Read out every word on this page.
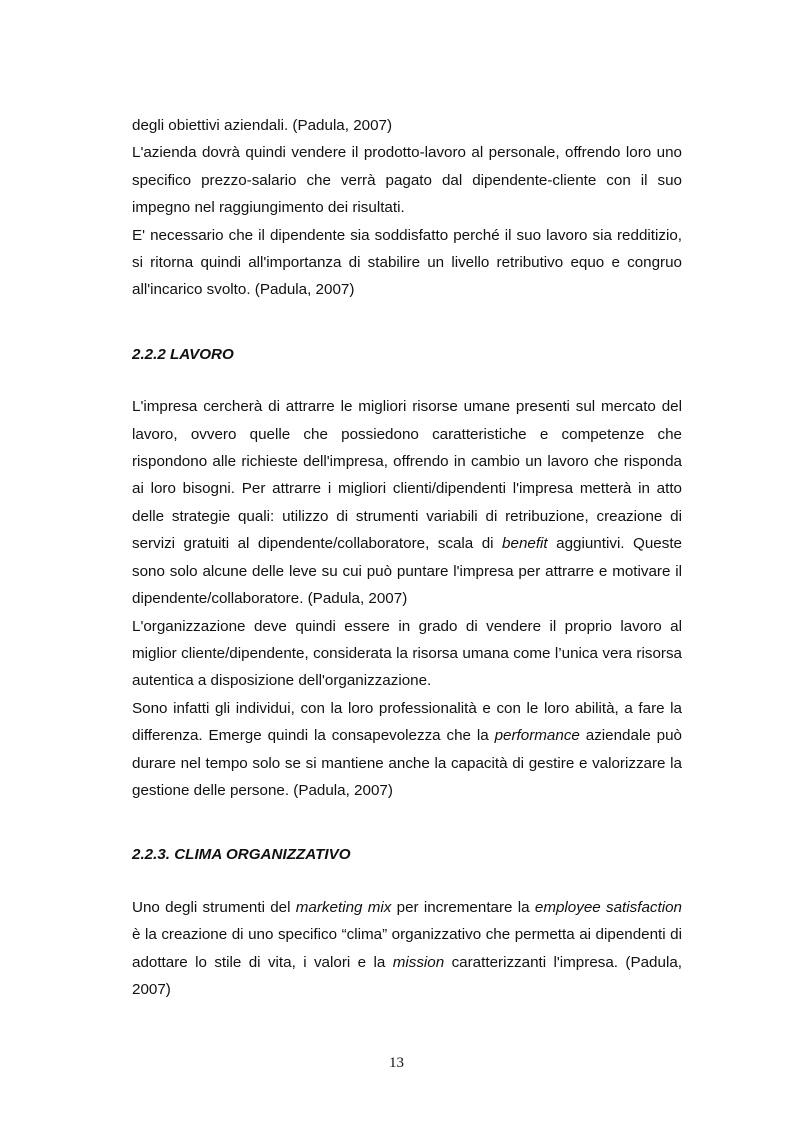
degli obiettivi aziendali. (Padula, 2007)

L'azienda dovrà quindi vendere il prodotto-lavoro al personale, offrendo loro uno specifico prezzo-salario che verrà pagato dal dipendente-cliente con il suo impegno nel raggiungimento dei risultati.

E' necessario che il dipendente sia soddisfatto perché il suo lavoro sia redditizio, si ritorna quindi all'importanza di stabilire un livello retributivo equo e congruo all'incarico svolto. (Padula, 2007)

2.2.2 LAVORO

L'impresa cercherà di attrarre le migliori risorse umane presenti sul mercato del lavoro, ovvero quelle che possiedono caratteristiche e competenze che rispondono alle richieste dell'impresa, offrendo in cambio un lavoro che risponda ai loro bisogni. Per attrarre i migliori clienti/dipendenti l'impresa metterà in atto delle strategie quali: utilizzo di strumenti variabili di retribuzione, creazione di servizi gratuiti al dipendente/collaboratore, scala di benefit aggiuntivi. Queste sono solo alcune delle leve su cui può puntare l'impresa per attrarre e motivare il dipendente/collaboratore. (Padula, 2007)

L'organizzazione deve quindi essere in grado di vendere il proprio lavoro al miglior cliente/dipendente, considerata la risorsa umana come l’unica vera risorsa autentica a disposizione dell'organizzazione.

Sono infatti gli individui, con la loro professionalità e con le loro abilità, a fare la differenza. Emerge quindi la consapevolezza che la performance aziendale può durare nel tempo solo se si mantiene anche la capacità di gestire e valorizzare la gestione delle persone. (Padula, 2007)

2.2.3. CLIMA ORGANIZZATIVO

Uno degli strumenti del marketing mix per incrementare la employee satisfaction è la creazione di uno specifico “clima” organizzativo che permetta ai dipendenti di adottare lo stile di vita, i valori e la mission caratterizzanti l'impresa. (Padula, 2007)

13
